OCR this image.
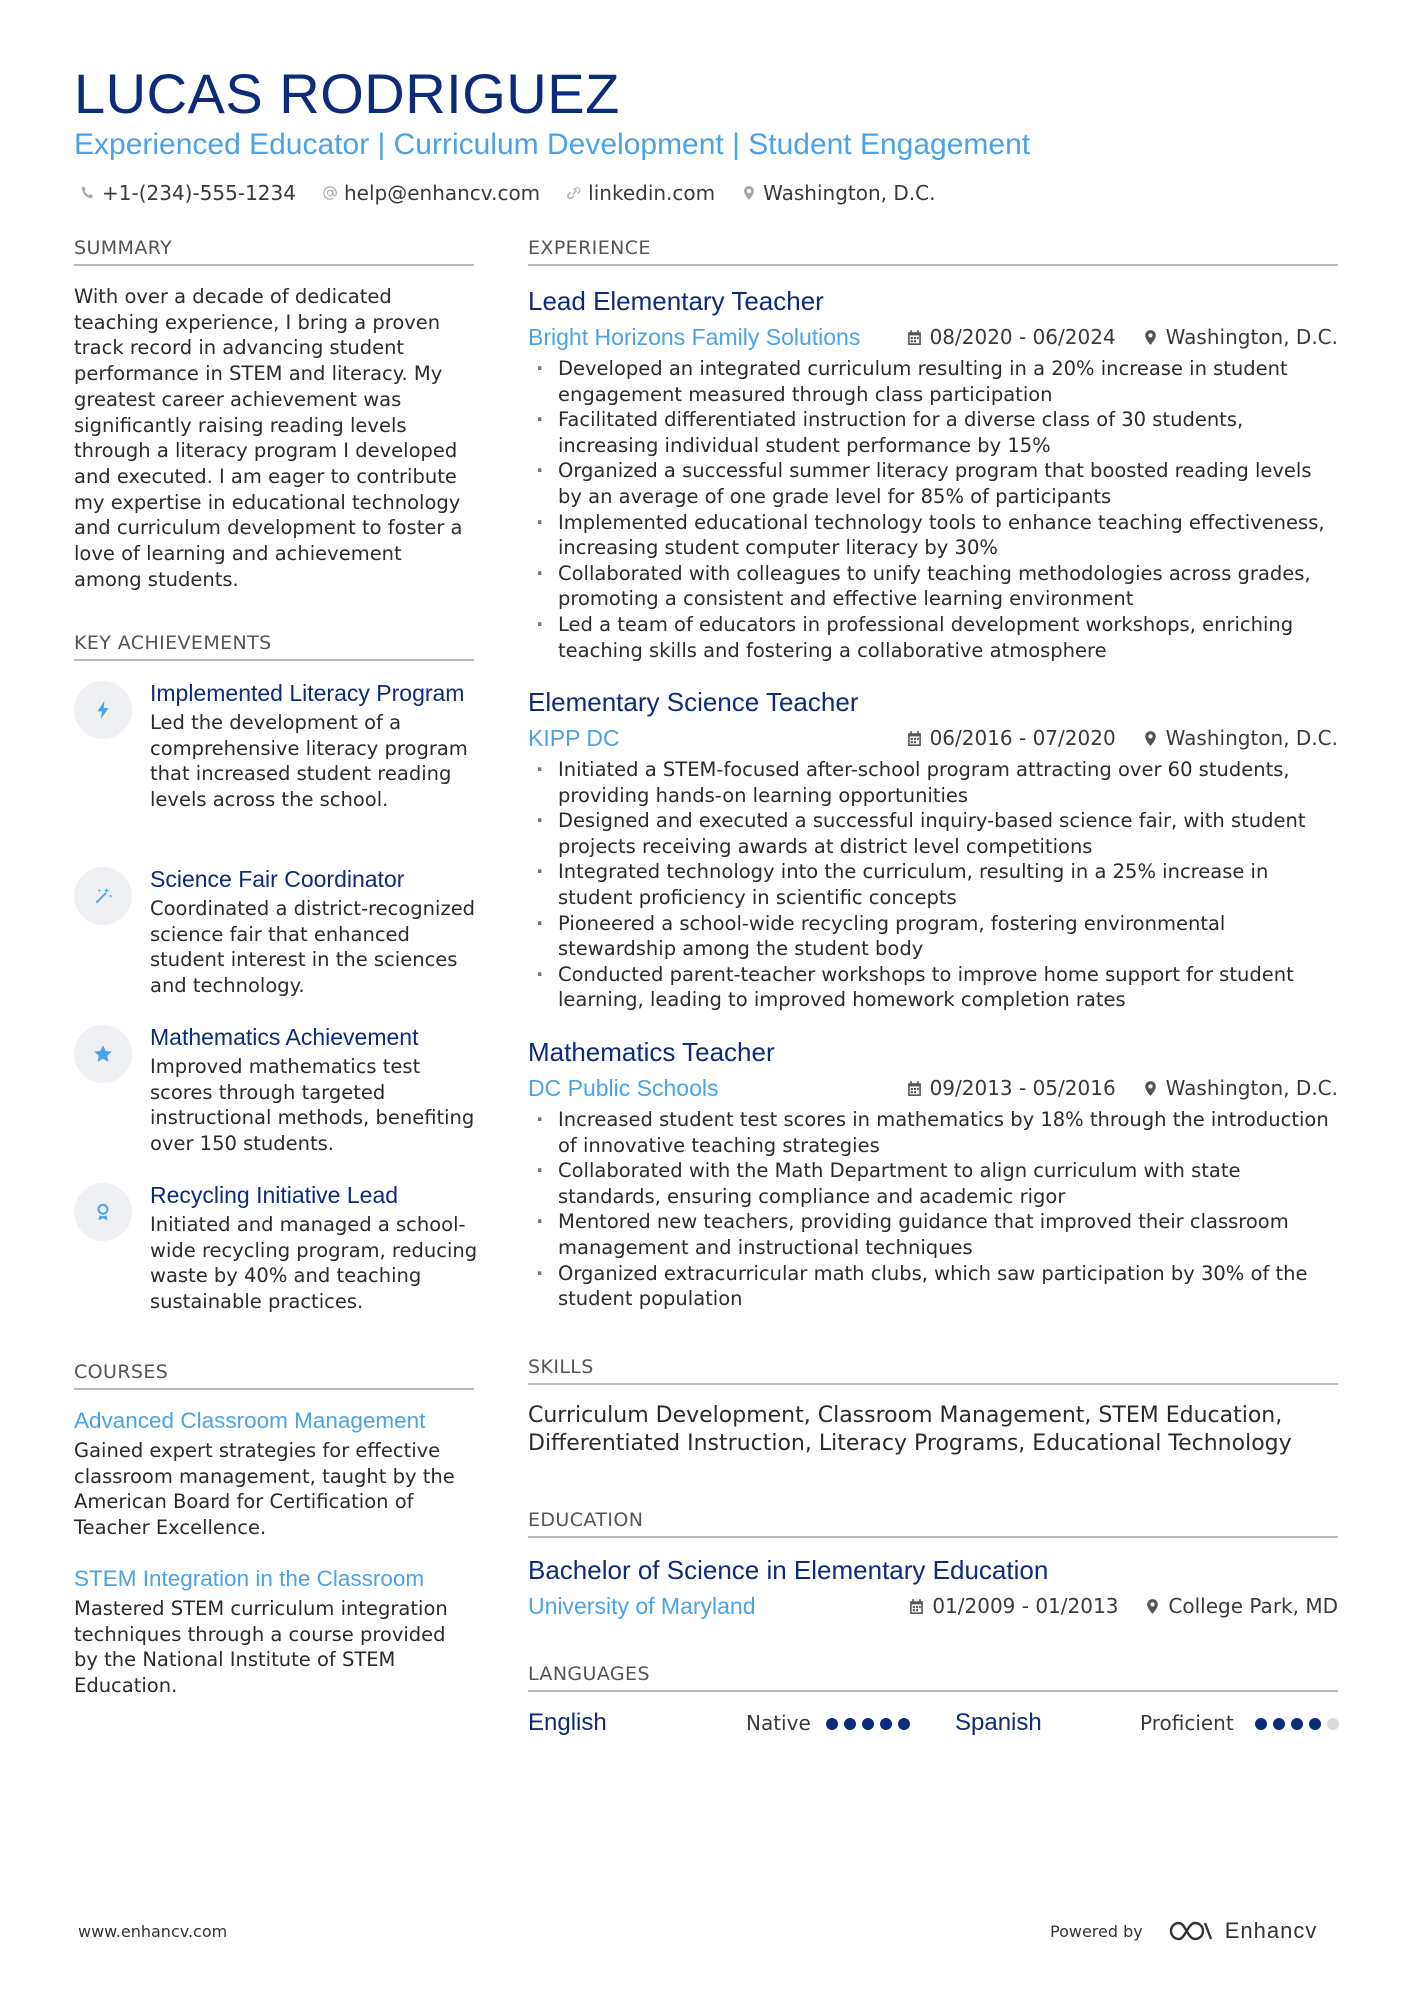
LUCAS RODRIGUEZ
Experienced Educator | Curriculum Development | Student Engagement
+1-(234)-555-1234 help@enhancv.com linkedin.com Washington, D.C.
SUMMARY
With over a decade of dedicated teaching experience, I bring a proven track record in advancing student performance in STEM and literacy. My greatest career achievement was significantly raising reading levels through a literacy program I developed and executed. I am eager to contribute my expertise in educational technology and curriculum development to foster a love of learning and achievement among students.
KEY ACHIEVEMENTS
Implemented Literacy Program
Led the development of a comprehensive literacy program that increased student reading levels across the school.
Science Fair Coordinator
Coordinated a district-recognized science fair that enhanced student interest in the sciences and technology.
Mathematics Achievement
Improved mathematics test scores through targeted instructional methods, benefiting over 150 students.
Recycling Initiative Lead
Initiated and managed a school-wide recycling program, reducing waste by 40% and teaching sustainable practices.
COURSES
Advanced Classroom Management
Gained expert strategies for effective classroom management, taught by the American Board for Certification of Teacher Excellence.
STEM Integration in the Classroom
Mastered STEM curriculum integration techniques through a course provided by the National Institute of STEM Education.
EXPERIENCE
Lead Elementary Teacher
Bright Horizons Family Solutions	08/2020 - 06/2024	Washington, D.C.
· Developed an integrated curriculum resulting in a 20% increase in student engagement measured through class participation
· Facilitated differentiated instruction for a diverse class of 30 students, increasing individual student performance by 15%
· Organized a successful summer literacy program that boosted reading levels by an average of one grade level for 85% of participants
· Implemented educational technology tools to enhance teaching effectiveness, increasing student computer literacy by 30%
· Collaborated with colleagues to unify teaching methodologies across grades, promoting a consistent and effective learning environment
· Led a team of educators in professional development workshops, enriching teaching skills and fostering a collaborative atmosphere
Elementary Science Teacher
KIPP DC	06/2016 - 07/2020	Washington, D.C.
· Initiated a STEM-focused after-school program attracting over 60 students, providing hands-on learning opportunities
· Designed and executed a successful inquiry-based science fair, with student projects receiving awards at district level competitions
· Integrated technology into the curriculum, resulting in a 25% increase in student proficiency in scientific concepts
· Pioneered a school-wide recycling program, fostering environmental stewardship among the student body
· Conducted parent-teacher workshops to improve home support for student learning, leading to improved homework completion rates
Mathematics Teacher
DC Public Schools	09/2013 - 05/2016	Washington, D.C.
· Increased student test scores in mathematics by 18% through the introduction of innovative teaching strategies
· Collaborated with the Math Department to align curriculum with state standards, ensuring compliance and academic rigor
· Mentored new teachers, providing guidance that improved their classroom management and instructional techniques
· Organized extracurricular math clubs, which saw participation by 30% of the student population
SKILLS
Curriculum Development, Classroom Management, STEM Education, Differentiated Instruction, Literacy Programs, Educational Technology
EDUCATION
Bachelor of Science in Elementary Education
University of Maryland	01/2009 - 01/2013	College Park, MD
LANGUAGES
English	Native	Spanish	Proficient
www.enhancv.com	Powered by	Enhancv
